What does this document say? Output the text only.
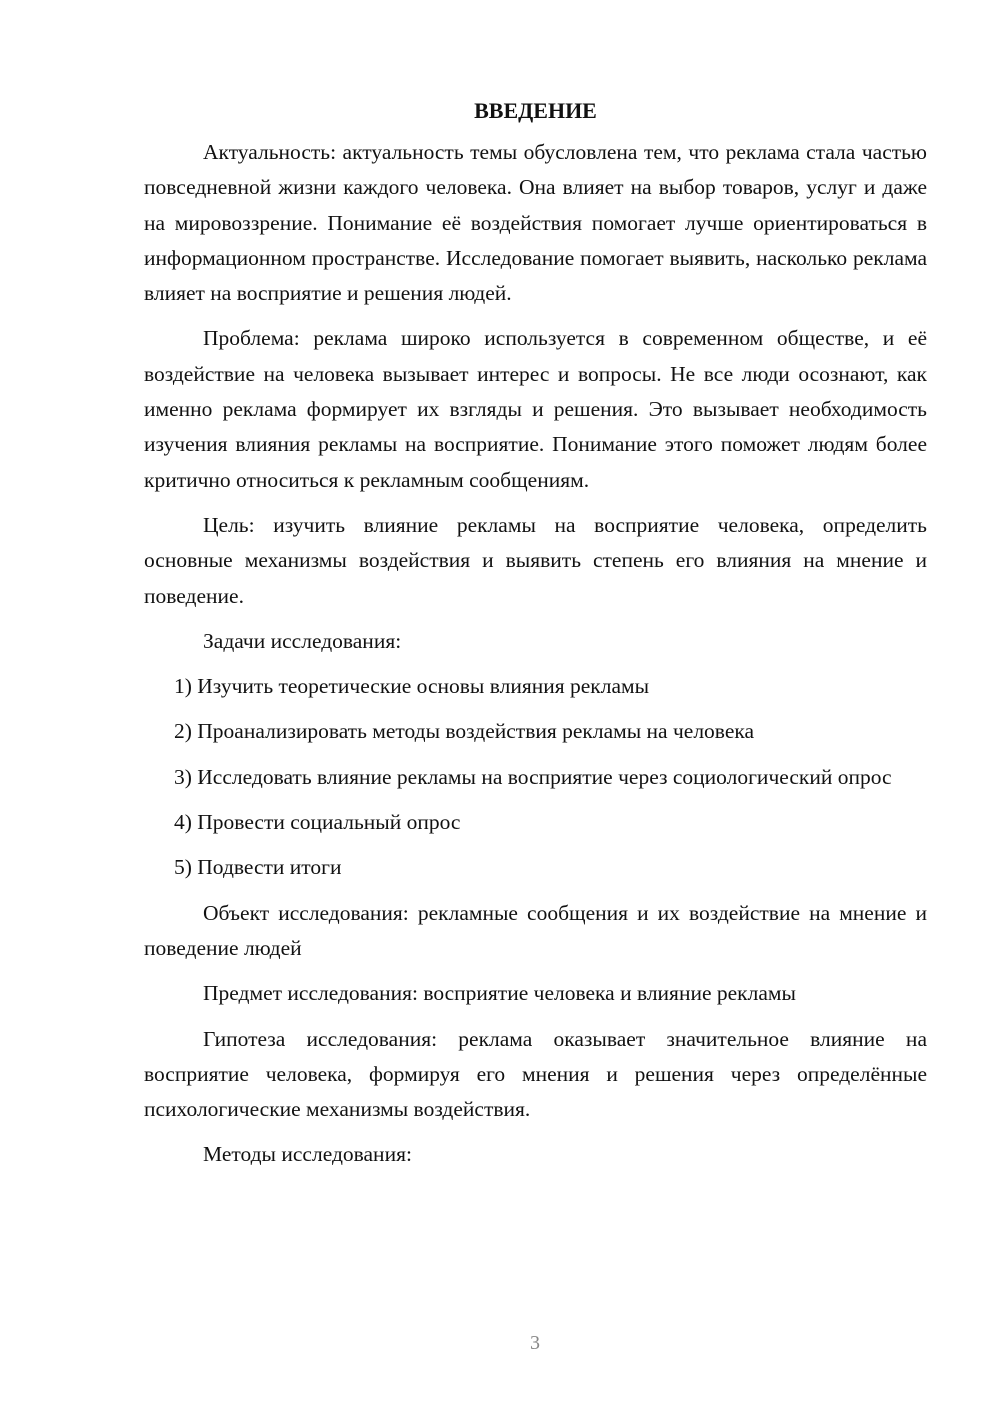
ВВЕДЕНИЕ

Актуальность: актуальность темы обусловлена тем, что реклама стала частью повседневной жизни каждого человека. Она влияет на выбор товаров, услуг и даже на мировоззрение. Понимание её воздействия помогает лучше ориентироваться в информационном пространстве. Исследование помогает выявить, насколько реклама влияет на восприятие и решения людей.

Проблема: реклама широко используется в современном обществе, и её воздействие на человека вызывает интерес и вопросы. Не все люди осознают, как именно реклама формирует их взгляды и решения. Это вызывает необходимость изучения влияния рекламы на восприятие. Понимание этого поможет людям более критично относиться к рекламным сообщениям.

Цель: изучить влияние рекламы на восприятие человека, определить основные механизмы воздействия и выявить степень его влияния на мнение и поведение.

Задачи исследования:

1) Изучить теоретические основы влияния рекламы

2) Проанализировать методы воздействия рекламы на человека

3) Исследовать влияние рекламы на восприятие через социологический опрос

4) Провести социальный опрос

5) Подвести итоги

Объект исследования: рекламные сообщения и их воздействие на мнение и поведение людей

Предмет исследования: восприятие человека и влияние рекламы

Гипотеза исследования: реклама оказывает значительное влияние на восприятие человека, формируя его мнения и решения через определённые психологические механизмы воздействия.

Методы исследования:

3
